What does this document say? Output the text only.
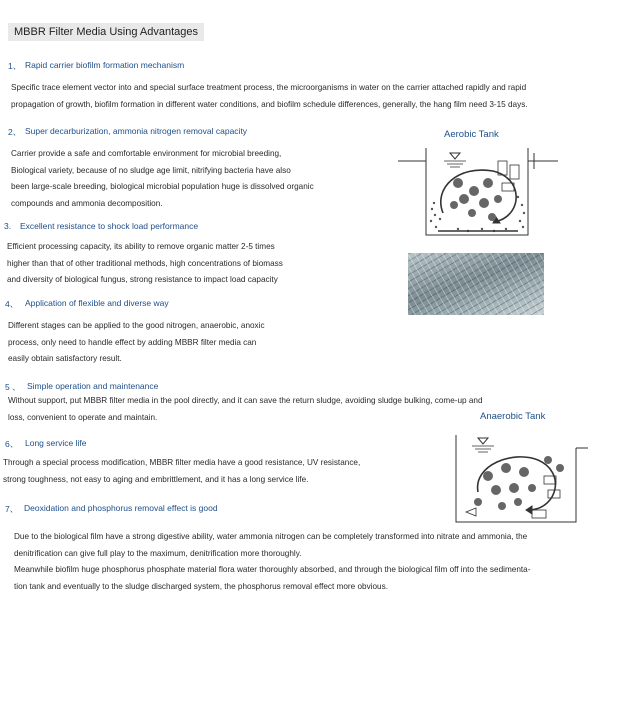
MBBR Filter Media Using Advantages
1、 Rapid carrier biofilm formation mechanism
Specific trace element vector into and special surface treatment process, the microorganisms in water on the carrier attached rapidly and rapid
propagation of growth, biofilm formation in different water conditions, and biofilm schedule differences, generally, the hang film need 3-15 days.
2、 Super decarburization, ammonia nitrogen removal capacity
Carrier provide a safe and comfortable environment for microbial breeding,
Biological variety, because of no sludge age limit, nitrifying bacteria have also
been large-scale breeding, biological microbial population huge is dissolved organic
compounds and ammonia decomposition.
3. Excellent resistance to shock load performance
Efficient processing capacity, its ability to remove organic matter 2-5 times
higher than that of other traditional methods, high concentrations of biomass
and diversity of biological fungus, strong resistance to impact load capacity
4、 Application of flexible and diverse way
Different stages can be applied to the good nitrogen, anaerobic, anoxic
process, only need to handle effect by adding MBBR filter media can
easily obtain satisfactory result.
5 、 Simple operation and maintenance
Without support, put MBBR filter media in the pool directly, and it can save the return sludge, avoiding sludge bulking, come-up and
loss, convenient to operate and maintain.
6、 Long service life
Through a special process modification, MBBR filter media have a good resistance, UV resistance,
strong toughness, not easy to aging and embrittlement, and it has a long service life.
7、 Deoxidation and phosphorus removal effect is good
Due to the biological film have a strong digestive ability, water ammonia nitrogen can be completely transformed into nitrate and ammonia, the
denitrification can give full play to the maximum, denitrification more thoroughly.
Meanwhile biofilm huge phosphorus phosphate material flora water thoroughly absorbed, and through the biological film off into the sedimenta-
tion tank and eventually to the sludge discharged system, the phosphorus removal effect more obvious.
Aerobic Tank
Anaerobic Tank
